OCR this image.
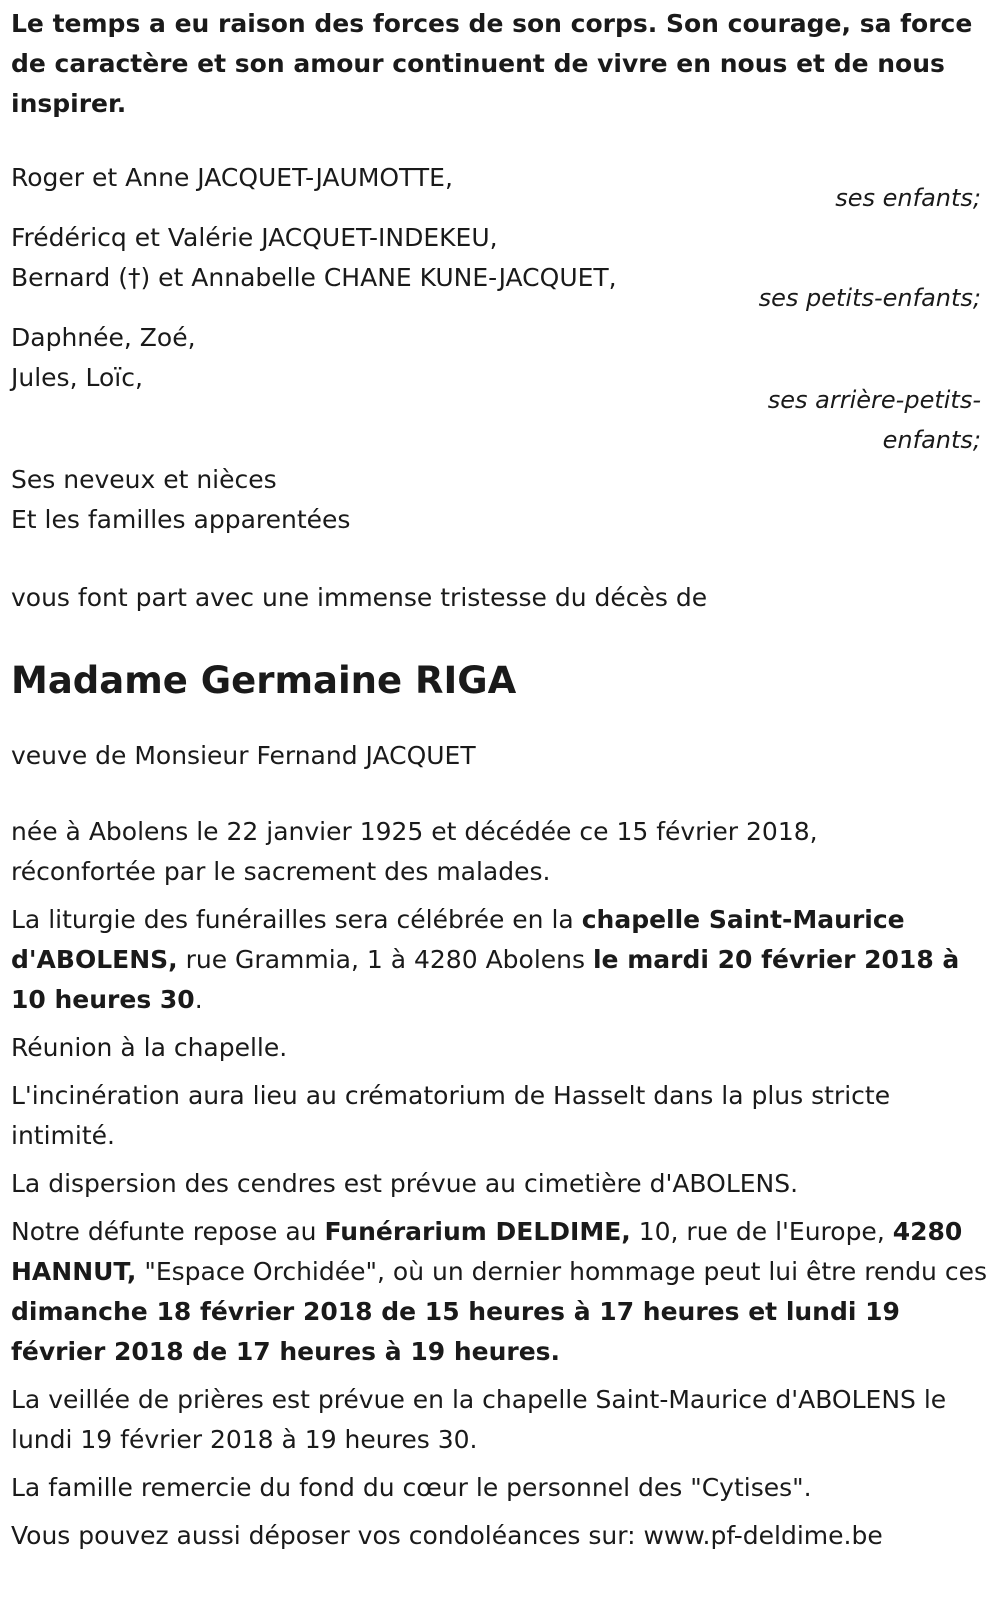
Le temps a eu raison des forces de son corps. Son courage, sa force de caractère et son amour continuent de vivre en nous et de nous inspirer.

Roger et Anne JACQUET-JAUMOTTE,

ses enfants;

Frédéricq et Valérie JACQUET-INDEKEU,

Bernard (†) et Annabelle CHANE KUNE-JACQUET,

ses petits-enfants;

Daphnée, Zoé,

Jules, Loïc,

ses arrière-petits-
enfants;

Ses neveux et nièces

Et les familles apparentées

vous font part avec une immense tristesse du décès de

Madame Germaine RIGA

veuve de Monsieur Fernand JACQUET

née à Abolens le 22 janvier 1925 et décédée ce 15 février 2018,

réconfortée par le sacrement des malades.

La liturgie des funérailles sera célébrée en la chapelle Saint-Maurice d'ABOLENS, rue Grammia, 1 à 4280 Abolens le mardi 20 février 2018 à 10 heures 30.

Réunion à la chapelle.

L'incinération aura lieu au crématorium de Hasselt dans la plus stricte intimité.

La dispersion des cendres est prévue au cimetière d'ABOLENS.

Notre défunte repose au Funérarium DELDIME, 10, rue de l'Europe, 4280 HANNUT, "Espace Orchidée", où un dernier hommage peut lui être rendu ces dimanche 18 février 2018 de 15 heures à 17 heures et lundi 19 février 2018 de 17 heures à 19 heures.

La veillée de prières est prévue en la chapelle Saint-Maurice d'ABOLENS le lundi 19 février 2018 à 19 heures 30.

La famille remercie du fond du cœur le personnel des "Cytises".

Vous pouvez aussi déposer vos condoléances sur: www.pf-deldime.be
